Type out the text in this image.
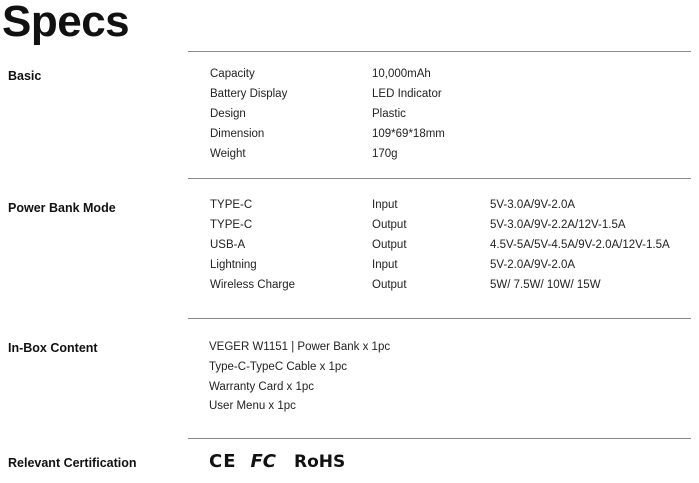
Specs
Basic	Capacity	10,000mAh
Battery Display	LED Indicator
Design	Plastic
Dimension	109*69*18mm
Weight	170g
Power Bank Mode	TYPE-C	Input	5V-3.0A/9V-2.0A
TYPE-C	Output	5V-3.0A/9V-2.2A/12V-1.5A
USB-A	Output	4.5V-5A/5V-4.5A/9V-2.0A/12V-1.5A
Lightning	Input	5V-2.0A/9V-2.0A
Wireless Charge	Output	5W/ 7.5W/ 10W/ 15W
In-Box Content	VEGER W1151 | Power Bank x 1pc
Type-C-TypeC Cable x 1pc
Warranty Card x 1pc
User Menu x 1pc
Relevant Certification	CE FC RoHS
